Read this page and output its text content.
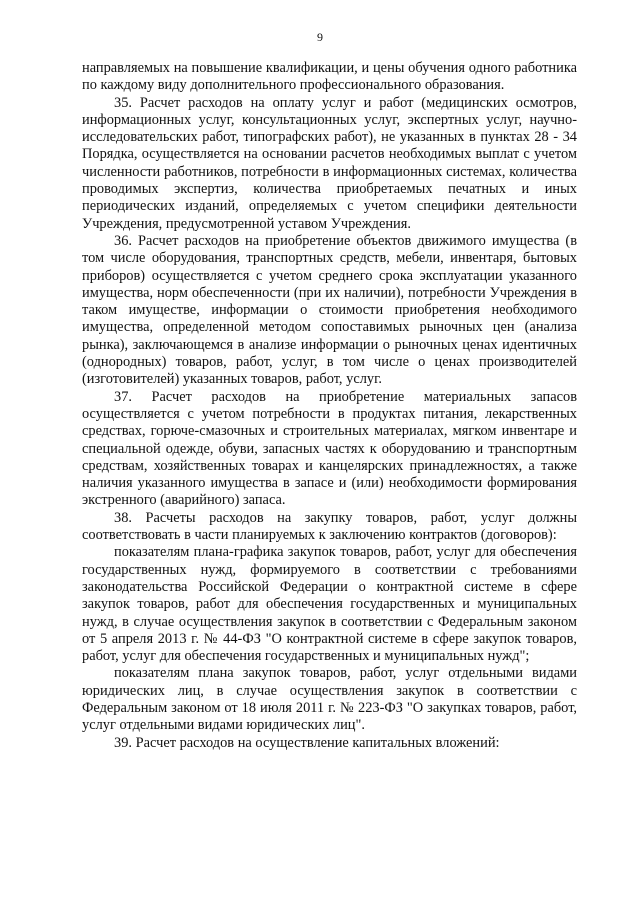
9

направляемых на повышение квалификации, и цены обучения одного работника по каждому виду дополнительного профессионального образования.

35. Расчет расходов на оплату услуг и работ (медицинских осмотров, информационных услуг, консультационных услуг, экспертных услуг, научно-исследовательских работ, типографских работ), не указанных в пунктах 28 - 34 Порядка, осуществляется на основании расчетов необходимых выплат с учетом численности работников, потребности в информационных системах, количества проводимых экспертиз, количества приобретаемых печатных и иных периодических изданий, определяемых с учетом специфики деятельности Учреждения, предусмотренной уставом Учреждения.

36. Расчет расходов на приобретение объектов движимого имущества (в том числе оборудования, транспортных средств, мебели, инвентаря, бытовых приборов) осуществляется с учетом среднего срока эксплуатации указанного имущества, норм обеспеченности (при их наличии), потребности Учреждения в таком имуществе, информации о стоимости приобретения необходимого имущества, определенной методом сопоставимых рыночных цен (анализа рынка), заключающемся в анализе информации о рыночных ценах идентичных (однородных) товаров, работ, услуг, в том числе о ценах производителей (изготовителей) указанных товаров, работ, услуг.

37. Расчет расходов на приобретение материальных запасов осуществляется с учетом потребности в продуктах питания, лекарственных средствах, горюче-смазочных и строительных материалах, мягком инвентаре и специальной одежде, обуви, запасных частях к оборудованию и транспортным средствам, хозяйственных товарах и канцелярских принадлежностях, а также наличия указанного имущества в запасе и (или) необходимости формирования экстренного (аварийного) запаса.

38. Расчеты расходов на закупку товаров, работ, услуг должны соответствовать в части планируемых к заключению контрактов (договоров):

показателям плана-графика закупок товаров, работ, услуг для обеспечения государственных нужд, формируемого в соответствии с требованиями законодательства Российской Федерации о контрактной системе в сфере закупок товаров, работ для обеспечения государственных и муниципальных нужд, в случае осуществления закупок в соответствии с Федеральным законом от 5 апреля 2013 г. № 44-ФЗ "О контрактной системе в сфере закупок товаров, работ, услуг для обеспечения государственных и муниципальных нужд";

показателям плана закупок товаров, работ, услуг отдельными видами юридических лиц, в случае осуществления закупок в соответствии с Федеральным законом от 18 июля 2011 г. № 223-ФЗ "О закупках товаров, работ, услуг отдельными видами юридических лиц".

39. Расчет расходов на осуществление капитальных вложений:
